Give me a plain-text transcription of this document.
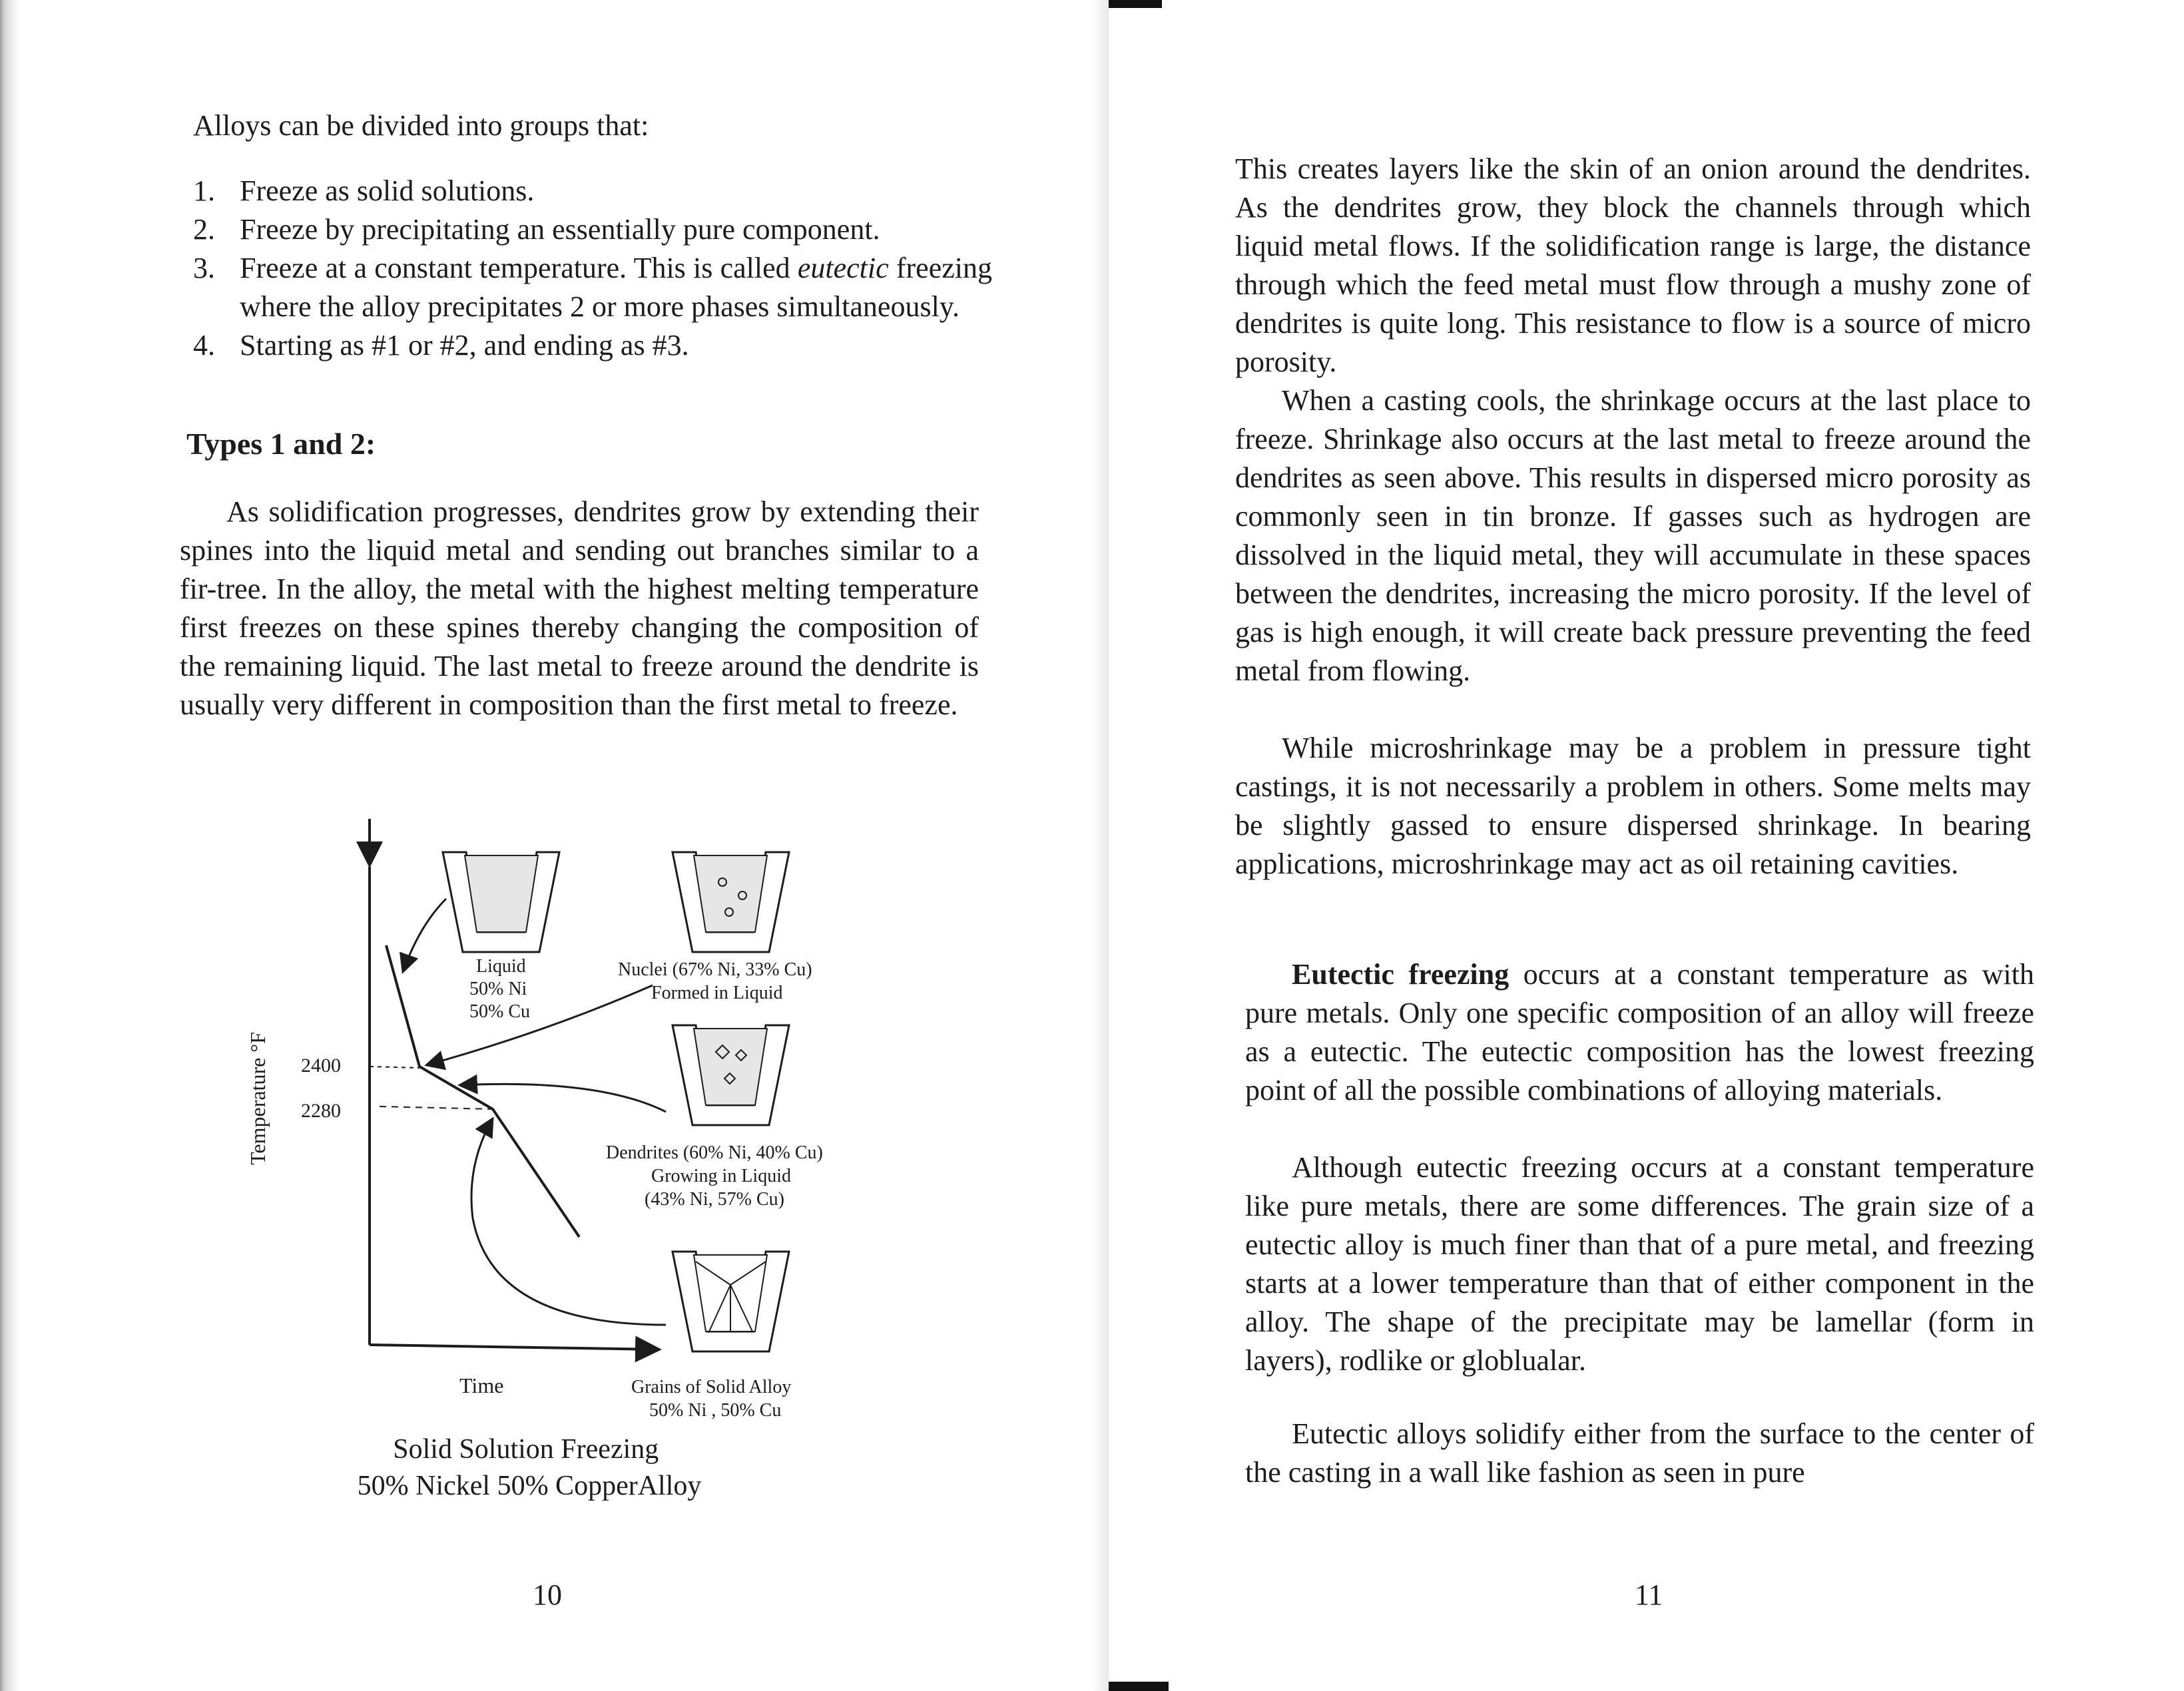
Alloys can be divided into groups that:

1. Freeze as solid solutions.
2. Freeze by precipitating an essentially pure component.
3. Freeze at a constant temperature. This is called eutectic freezing where the alloy precipitates 2 or more phases simultaneously.
4. Starting as #1 or #2, and ending as #3.
Types 1 and 2:

As solidification progresses, dendrites grow by extending their spines into the liquid metal and sending out branches similar to a fir-tree. In the alloy, the metal with the highest melting temperature first freezes on these spines thereby changing the composition of the remaining liquid. The last metal to freeze around the dendrite is usually very different in composition than the first metal to freeze.

Temperature °F 2400
2280
Time
Liquid 50% Ni 50% Cu
Nuclei (67% Ni, 33% Cu) Formed in Liquid
Dendrites (60% Ni, 40% Cu) Growing in Liquid (43% Ni, 57% Cu)
Grains of Solid Alloy 50% Ni , 50% Cu
Solid Solution Freezing 50% Nickel 50% CopperAlloy
10

This creates layers like the skin of an onion around the dendrites. As the dendrites grow, they block the channels through which liquid metal flows. If the solidification range is large, the distance through which the feed metal must flow through a mushy zone of dendrites is quite long. This resistance to flow is a source of micro porosity.

When a casting cools, the shrinkage occurs at the last place to freeze. Shrinkage also occurs at the last metal to freeze around the dendrites as seen above. This results in dispersed micro porosity as commonly seen in tin bronze. If gasses such as hydrogen are dissolved in the liquid metal, they will accumulate in these spaces between the dendrites, increasing the micro porosity. If the level of gas is high enough, it will create back pressure preventing the feed metal from flowing.

While microshrinkage may be a problem in pressure tight castings, it is not necessarily a problem in others. Some melts may be slightly gassed to ensure dispersed shrinkage. In bearing applications, microshrinkage may act as oil retaining cavities.

Eutectic freezing occurs at a constant temperature as with pure metals. Only one specific composition of an alloy will freeze as a eutectic. The eutectic composition has the lowest freezing point of all the possible combinations of alloying materials.

Although eutectic freezing occurs at a constant temperature like pure metals, there are some differences. The grain size of a eutectic alloy is much finer than that of a pure metal, and freezing starts at a lower temperature than that of either component in the alloy. The shape of the precipitate may be lamellar (form in layers), rodlike or globlualar.

Eutectic alloys solidify either from the surface to the center of the casting in a wall like fashion as seen in pure

11
